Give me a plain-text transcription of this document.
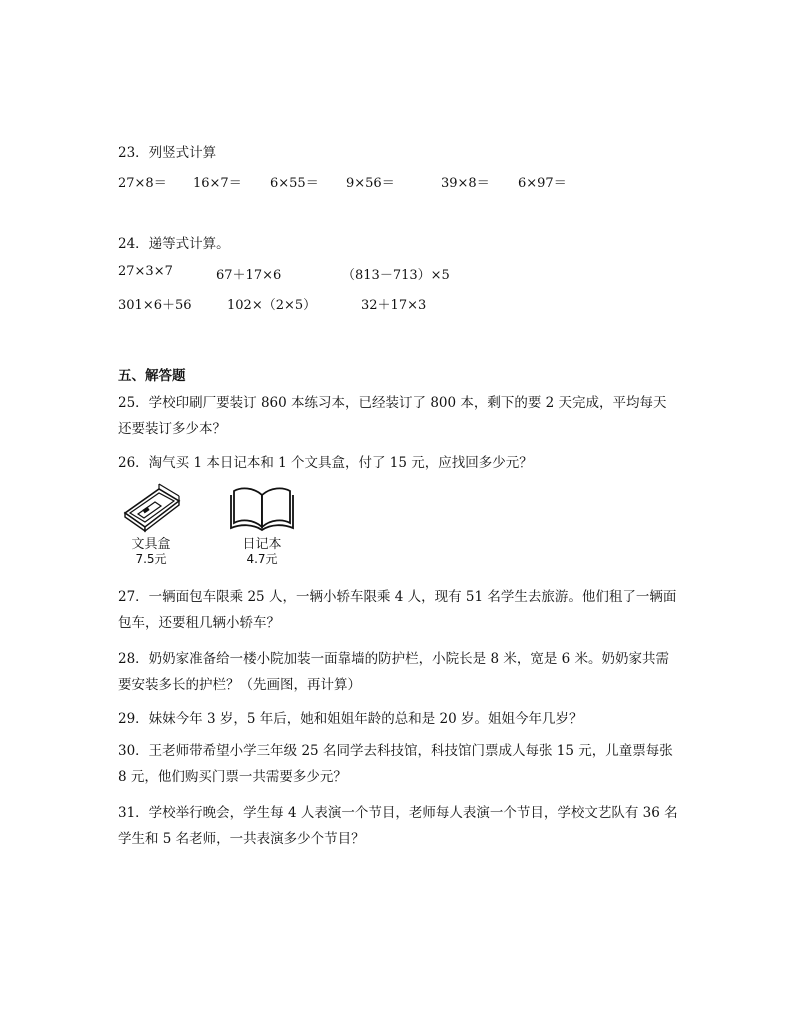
23．列竖式计算
27×8＝ 16×7＝ 6×55＝ 9×56＝	39×8＝ 6×97＝
24．递等式计算。
27×3×7	67＋17×6	（813－713）×5
301×6＋56	102×（2×5）	32＋17×3
五、解答题
25．学校印刷厂要装订 860 本练习本，已经装订了 800 本，剩下的要 2 天完成，平均每天还要装订多少本？
26．淘气买 1 本日记本和 1 个文具盒，付了 15 元，应找回多少元？
文具盒
7.5元
日记本
4.7元
27．一辆面包车限乘 25 人，一辆小轿车限乘 4 人，现有 51 名学生去旅游。他们租了一辆面包车，还要租几辆小轿车？
28．奶奶家准备给一楼小院加装一面靠墙的防护栏，小院长是 8 米，宽是 6 米。奶奶家共需要安装多长的护栏？（先画图，再计算）
29．妹妹今年 3 岁，5 年后，她和姐姐年龄的总和是 20 岁。姐姐今年几岁？
30．王老师带希望小学三年级 25 名同学去科技馆，科技馆门票成人每张 15 元，儿童票每张 8 元，他们购买门票一共需要多少元？
31．学校举行晚会，学生每 4 人表演一个节目，老师每人表演一个节目，学校文艺队有 36 名学生和 5 名老师，一共表演多少个节目？
